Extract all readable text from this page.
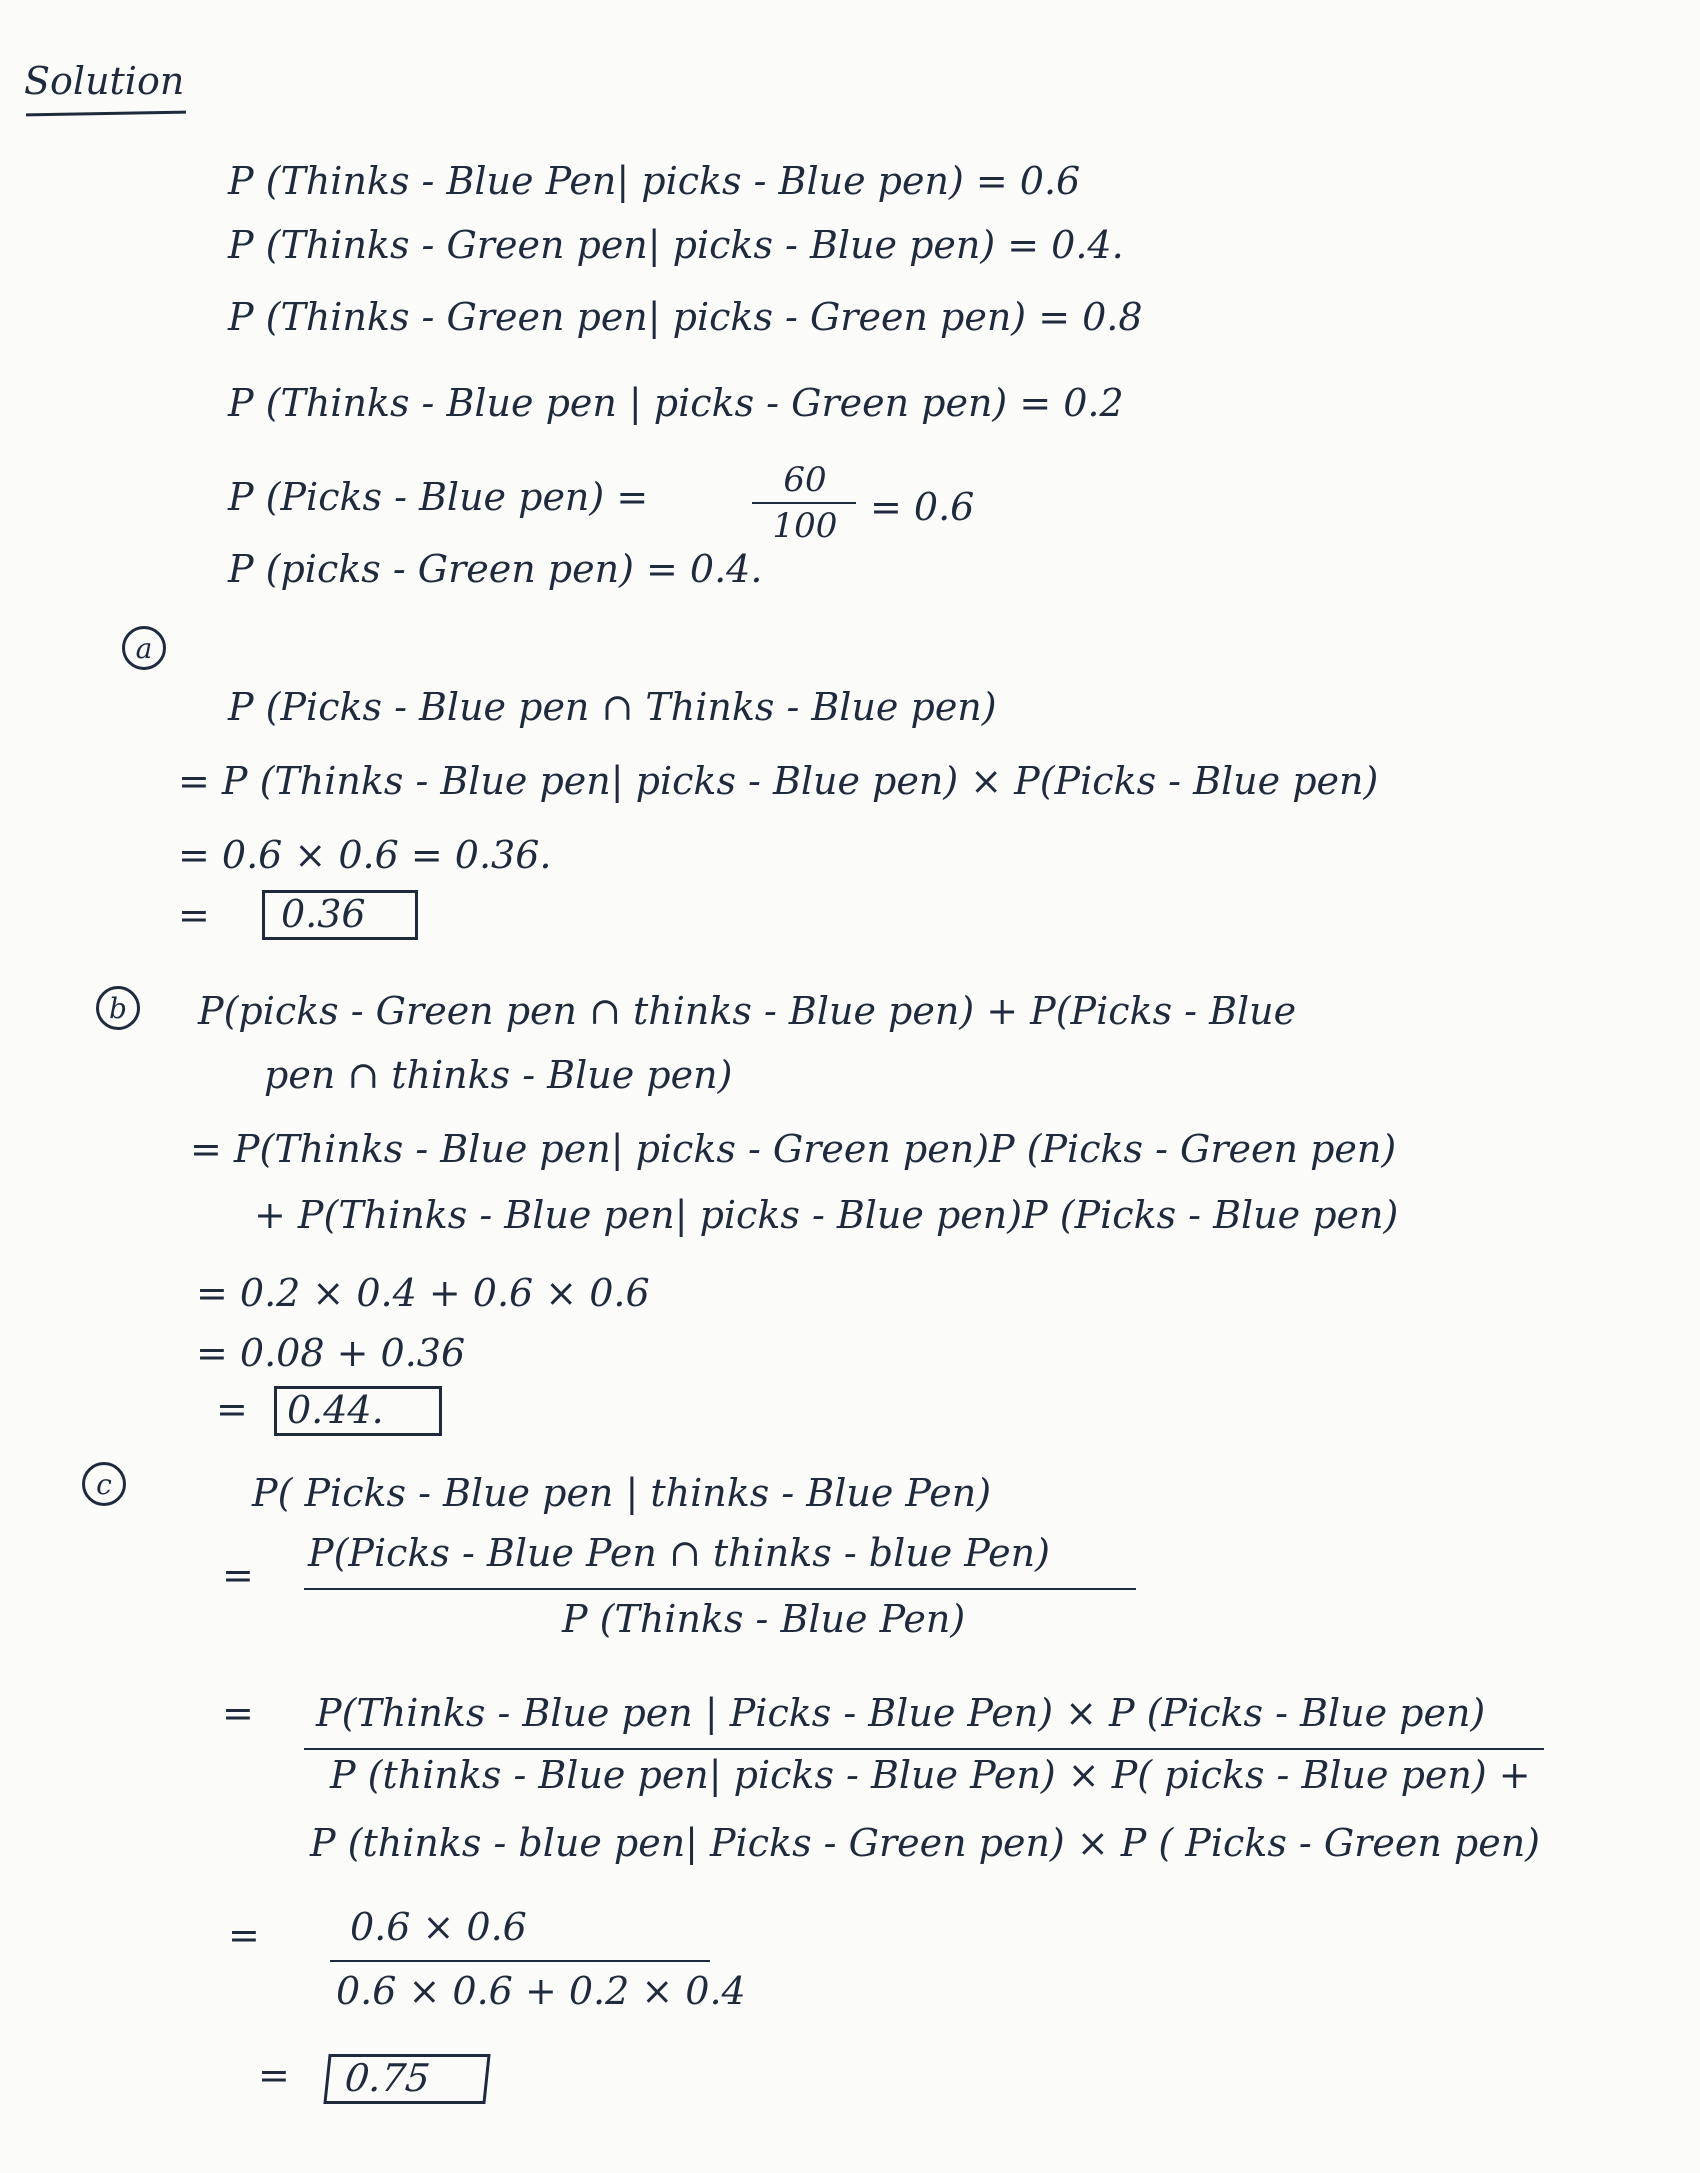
Solution
P (Thinks - Blue Pen| picks - Blue pen) = 0.6
P (Thinks - Green pen| picks - Blue pen) = 0.4.
P (Thinks - Green pen| picks - Green pen) = 0.8
P (Thinks - Blue pen | picks - Green pen) = 0.2
P (Picks - Blue pen) =	60
100 = 0.6
P (picks - Green pen) = 0.4.
a
P (Picks - Blue pen ∩ Thinks - Blue pen)
= P (Thinks - Blue pen| picks - Blue pen) × P(Picks - Blue pen)
= 0.6 × 0.6 = 0.36.
= 0.36
b	P(picks - Green pen ∩ thinks - Blue pen) + P(Picks - Blue
pen ∩ thinks - Blue pen)
= P(Thinks - Blue pen| picks - Green pen)P (Picks - Green pen)
+ P(Thinks - Blue pen| picks - Blue pen)P (Picks - Blue pen)
= 0.2 × 0.4 + 0.6 × 0.6
= 0.08 + 0.36
= 0.44.
c	P( Picks - Blue pen | thinks - Blue Pen)
= P(Picks - Blue Pen ∩ thinks - blue Pen)
P (Thinks - Blue Pen)
= P(Thinks - Blue pen | Picks - Blue Pen) × P (Picks - Blue pen)
P (thinks - Blue pen| picks - Blue Pen) × P( picks - Blue pen) +
P (thinks - blue pen| Picks - Green pen) × P ( Picks - Green pen)
= 0.6 × 0.6
0.6 × 0.6 + 0.2 × 0.4
= 0.75
